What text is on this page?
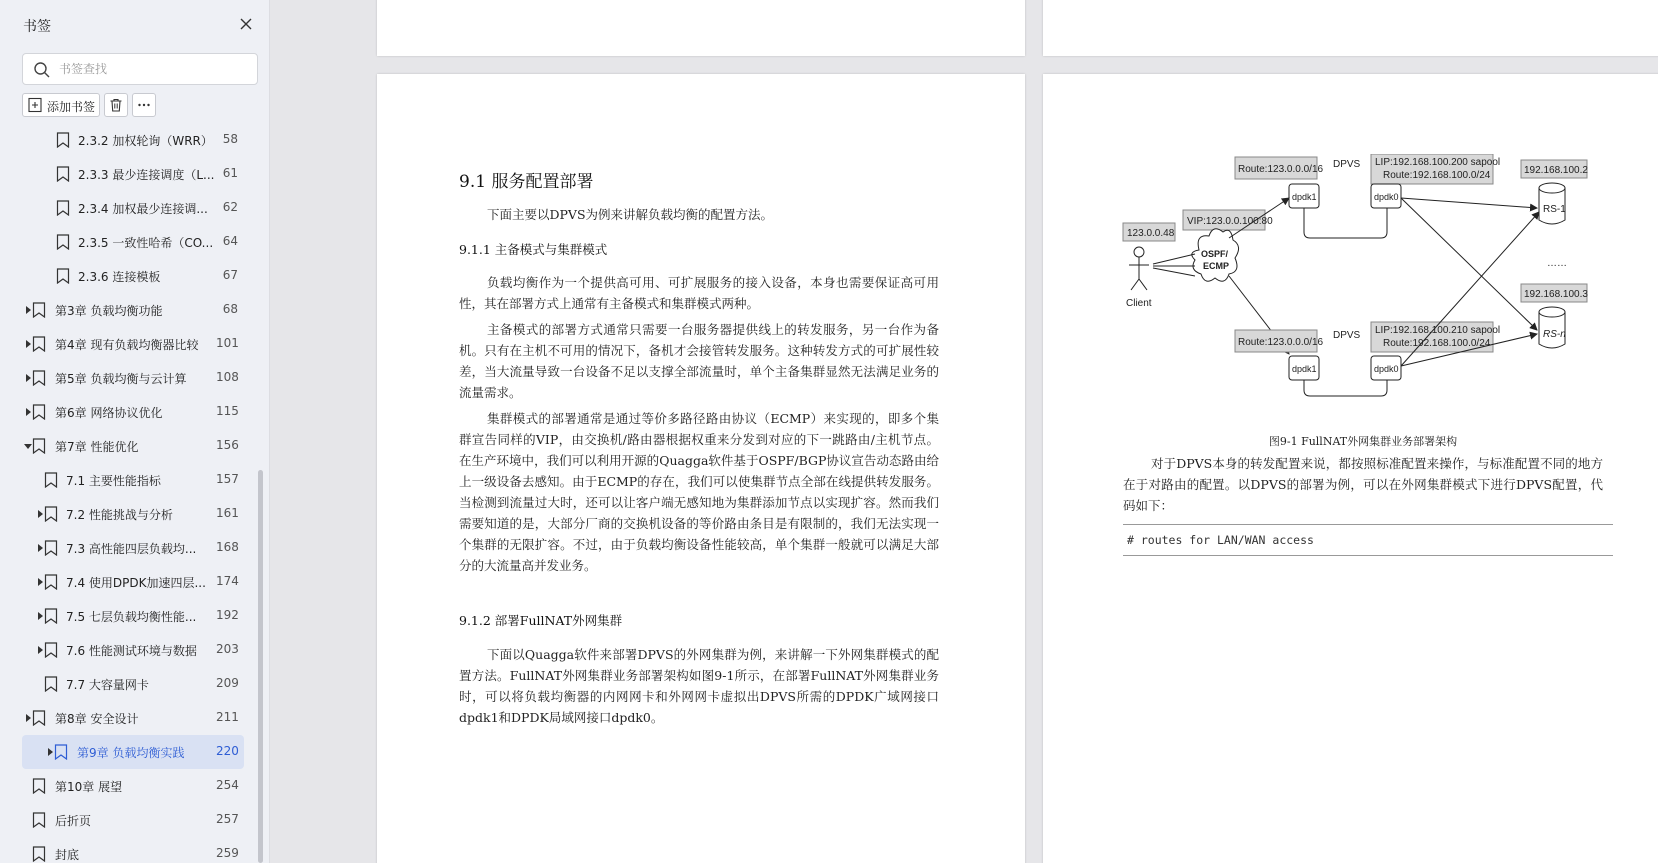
书签
书签查找
添加书签
2.3.2 加权轮询（WRR） 58
2.3.3 最少连接调度（L... 61
2.3.4 加权最少连接调...	62
2.3.5 一致性哈希（CO... 64
2.3.6 连接模板	67
第3章 负载均衡功能	68
第4章 现有负载均衡器比较 101
第5章 负载均衡与云计算 108
第6章 网络协议优化	115
第7章 性能优化	156
7.1 主要性能指标	157
7.2 性能挑战与分析	161
7.3 高性能四层负载均... 168
7.4 使用DPDK加速四层... 174
7.5 七层负载均衡性能... 192
7.6 性能测试环境与数据 203
7.7 大容量网卡	209
第8章 安全设计	211
第9章 负载均衡实践	220
第10章 展望	254
后折页	257
封底	259
9.1 服务配置部署
下面主要以DPVS为例来讲解负载均衡的配置方法。
9.1.1 主备模式与集群模式
负载均衡作为一个提供高可用、可扩展服务的接入设备，本身也需要保证高可用性，其在部署方式上通常有主备模式和集群模式两种。
主备模式的部署方式通常只需要一台服务器提供线上的转发服务，另一台作为备机。只有在主机不可用的情况下，备机才会接管转发服务。这种转发方式的可扩展性较差，当大流量导致一台设备不足以支撑全部流量时，单个主备集群显然无法满足业务的流量需求。
集群模式的部署通常是通过等价多路径路由协议（ECMP）来实现的，即多个集群宣告同样的VIP，由交换机/路由器根据权重来分发到对应的下一跳路由/主机节点。在生产环境中，我们可以利用开源的Quagga软件基于OSPF/BGP协议宣告动态路由给上一级设备去感知。由于ECMP的存在，我们可以使集群节点全部在线提供转发服务。当检测到流量过大时，还可以让客户端无感知地为集群添加节点以实现扩容。然而我们需要知道的是，大部分厂商的交换机设备的等价路由条目是有限制的，我们无法实现一个集群的无限扩容。不过，由于负载均衡设备性能较高，单个集群一般就可以满足大部分的大流量高并发业务。
9.1.2 部署FullNAT外网集群
下面以Quagga软件来部署DPVS的外网集群为例，来讲解一下外网集群模式的配置方法。FullNAT外网集群业务部署架构如图9-1所示，在部署FullNAT外网集群业务时，可以将负载均衡器的内网网卡和外网网卡虚拟出DPVS所需的DPDK广域网接口dpdk1和DPDK局域网接口dpdk0。
Route:123.0.0.0/16 DPVS LIP:192.168.100.200 sapool
Route:192.168.100.0/24
dpdk1	dpdk0
VIP:123.0.0.100:80
123.0.0.48
Client
OSPF/
ECMP
192.168.100.2
RS-1
……
192.168.100.3
RS-n
Route:123.0.0.0/16
DPVS LIP:192.168.100.210 sapool
Route:192.168.100.0/24
dpdk1	dpdk0
图9-1 FullNAT外网集群业务部署架构
对于DPVS本身的转发配置来说，都按照标准配置来操作，与标准配置不同的地方在于对路由的配置。以DPVS的部署为例，可以在外网集群模式下进行DPVS配置，代码如下：
# routes for LAN/WAN access
